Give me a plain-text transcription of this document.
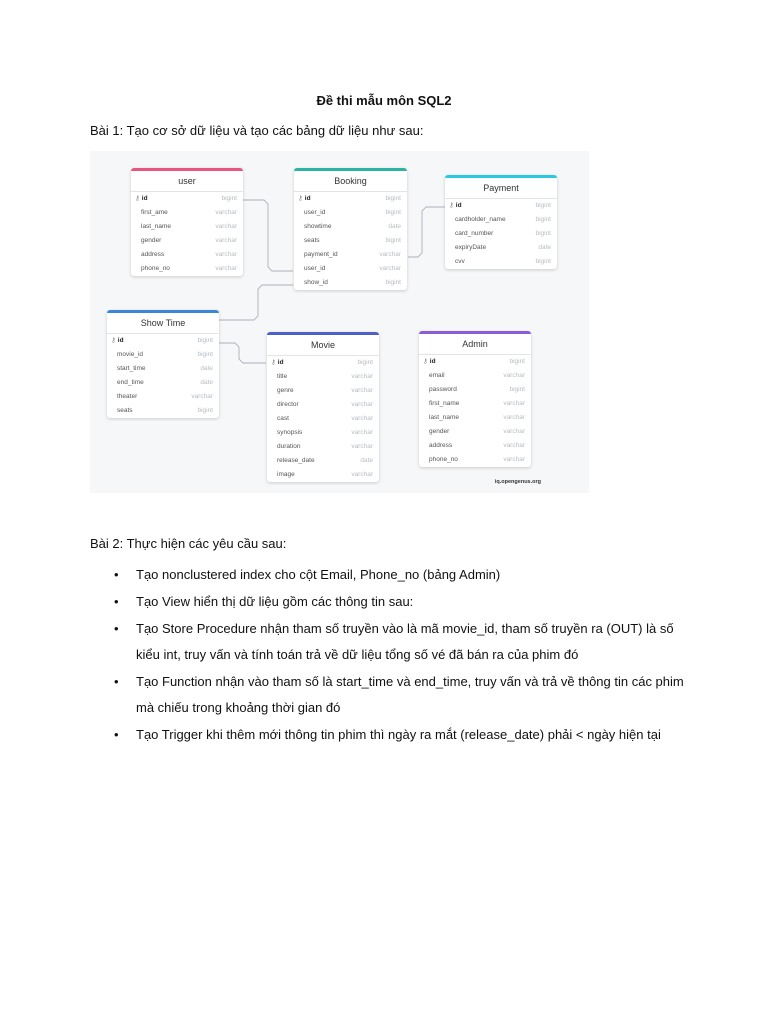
Đề thi mẫu môn SQL2
Bài 1: Tạo cơ sở dữ liệu và tạo các bảng dữ liệu như sau:
user
⚷ id	bigint
first_ame	varchar
last_name	varchar
gender	varchar
address	varchar
phone_no	varchar
Booking
⚷ id	bigint
user_id	bigint
showtime	date
seats	bigint
payment_id	varchar
user_id	varchar
show_id	bigint
Payment
⚷ id	bigint
cardholder_name	bigint
card_number	bigint
expiryDate	date
cvv	bigint
Show Time
⚷ id	bigint
movie_id	bigint
start_time	date
end_time	date
theater	varchar
seats	bigint
Movie
⚷ id	bigint
title	varchar
genre	varchar
director	varchar
cast	varchar
synopsis	varchar
duration	varchar
release_date	date
image	varchar
Admin
⚷ id	bigint
email	varchar
password	bigint
first_name	varchar
last_name	varchar
gender	varchar
address	varchar
phone_no	varchar
iq.opengenus.org
Bài 2: Thực hiện các yêu cầu sau:
• Tạo nonclustered index cho cột Email, Phone_no (bảng Admin)
• Tạo View hiển thị dữ liệu gồm các thông tin sau:
• Tạo Store Procedure nhận tham số truyền vào là mã movie_id, tham số truyền ra (OUT) là số kiểu int, truy vấn và tính toán trả về dữ liệu tổng số vé đã bán ra của phim đó
• Tạo Function nhận vào tham số là start_time và end_time, truy vấn và trả về thông tin các phim mà chiếu trong khoảng thời gian đó
• Tạo Trigger khi thêm mới thông tin phim thì ngày ra mắt (release_date) phải < ngày hiện tại
